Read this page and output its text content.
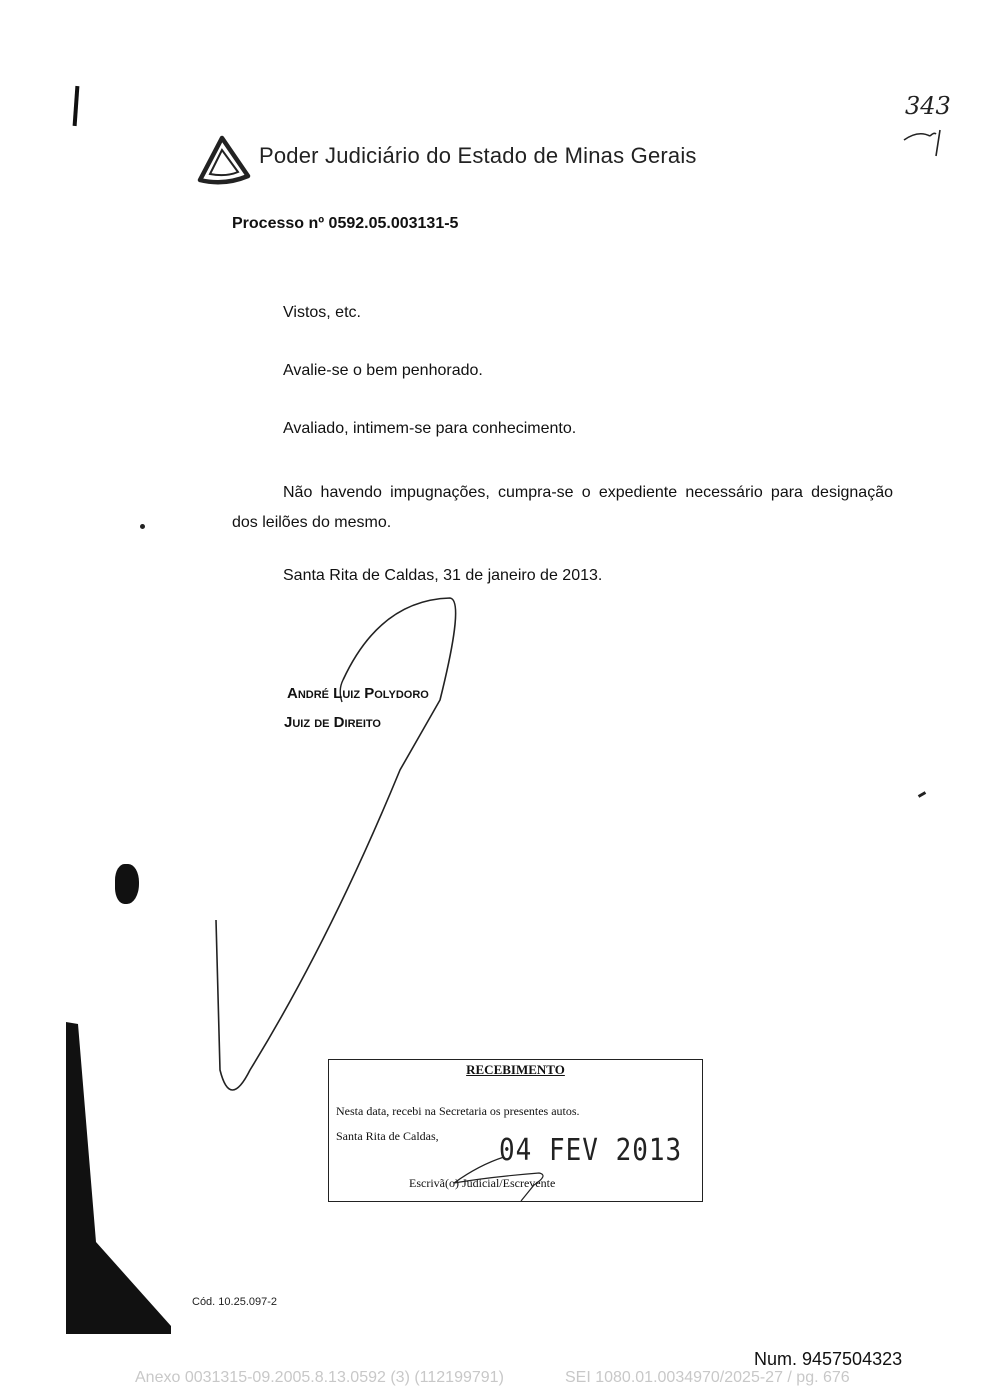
343
Poder Judiciário do Estado de Minas Gerais
Processo nº 0592.05.003131-5
Vistos, etc.
Avalie-se o bem penhorado.
Avaliado, intimem-se para conhecimento.
Não havendo impugnações, cumpra-se o expediente necessário para designação dos leilões do mesmo.
Santa Rita de Caldas, 31 de janeiro de 2013.
André Luiz Polydoro
Juiz de Direito
RECEBIMENTO
Nesta data, recebi na Secretaria os presentes autos.
Santa Rita de Caldas, 04 FEV 2013
Escrivã(o) Judicial/Escrevente
Cód. 10.25.097-2
Num. 9457504323
Anexo 0031315-09.2005.8.13.0592 (3) (112199791)	SEI 1080.01.0034970/2025-27 / pg. 676
